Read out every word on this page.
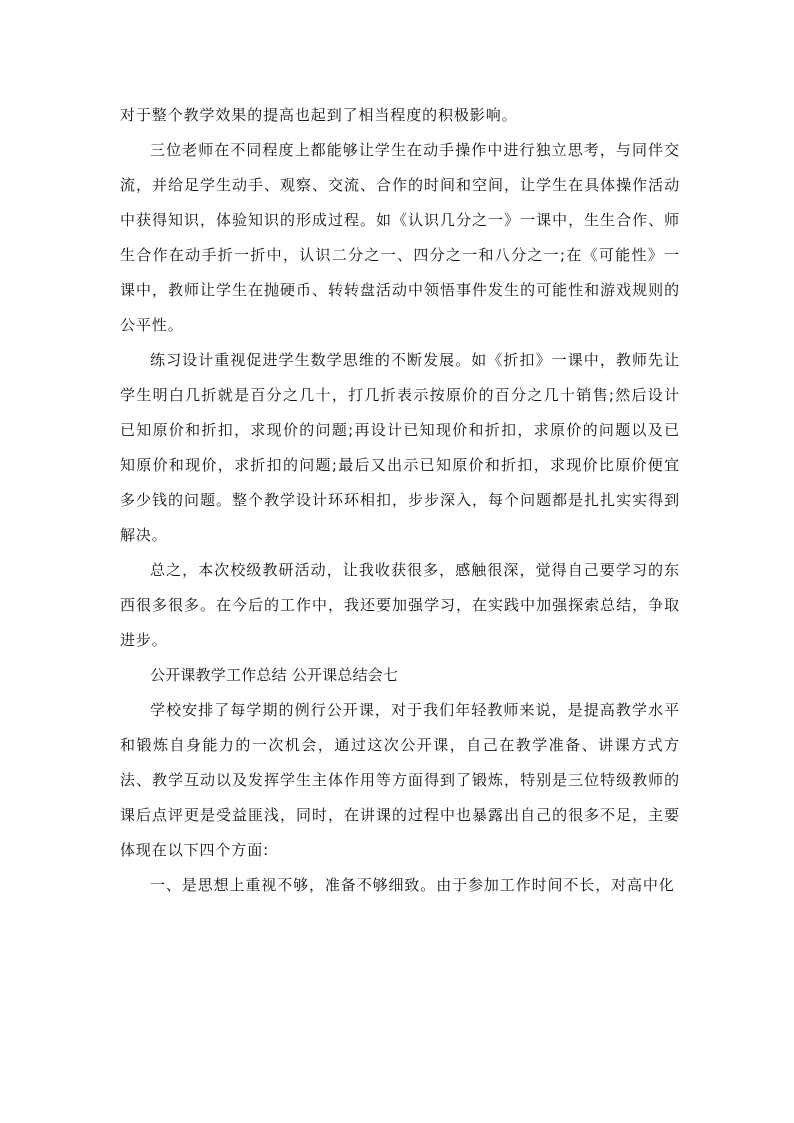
对于整个教学效果的提高也起到了相当程度的积极影响。

三位老师在不同程度上都能够让学生在动手操作中进行独立思考，与同伴交流，并给足学生动手、观察、交流、合作的时间和空间，让学生在具体操作活动中获得知识，体验知识的形成过程。如《认识几分之一》一课中，生生合作、师生合作在动手折一折中，认识二分之一、四分之一和八分之一;在《可能性》一课中，教师让学生在抛硬币、转转盘活动中领悟事件发生的可能性和游戏规则的公平性。

练习设计重视促进学生数学思维的不断发展。如《折扣》一课中，教师先让学生明白几折就是百分之几十，打几折表示按原价的百分之几十销售;然后设计已知原价和折扣，求现价的问题;再设计已知现价和折扣，求原价的问题以及已知原价和现价，求折扣的问题;最后又出示已知原价和折扣，求现价比原价便宜多少钱的问题。整个教学设计环环相扣，步步深入，每个问题都是扎扎实实得到解决。

总之，本次校级教研活动，让我收获很多，感触很深，觉得自己要学习的东西很多很多。在今后的工作中，我还要加强学习，在实践中加强探索总结，争取进步。

公开课教学工作总结 公开课总结会七

学校安排了每学期的例行公开课，对于我们年轻教师来说，是提高教学水平和锻炼自身能力的一次机会，通过这次公开课，自己在教学准备、讲课方式方法、教学互动以及发挥学生主体作用等方面得到了锻炼，特别是三位特级教师的课后点评更是受益匪浅，同时，在讲课的过程中也暴露出自己的很多不足，主要体现在以下四个方面:

一、是思想上重视不够，准备不够细致。由于参加工作时间不长，对高中化
